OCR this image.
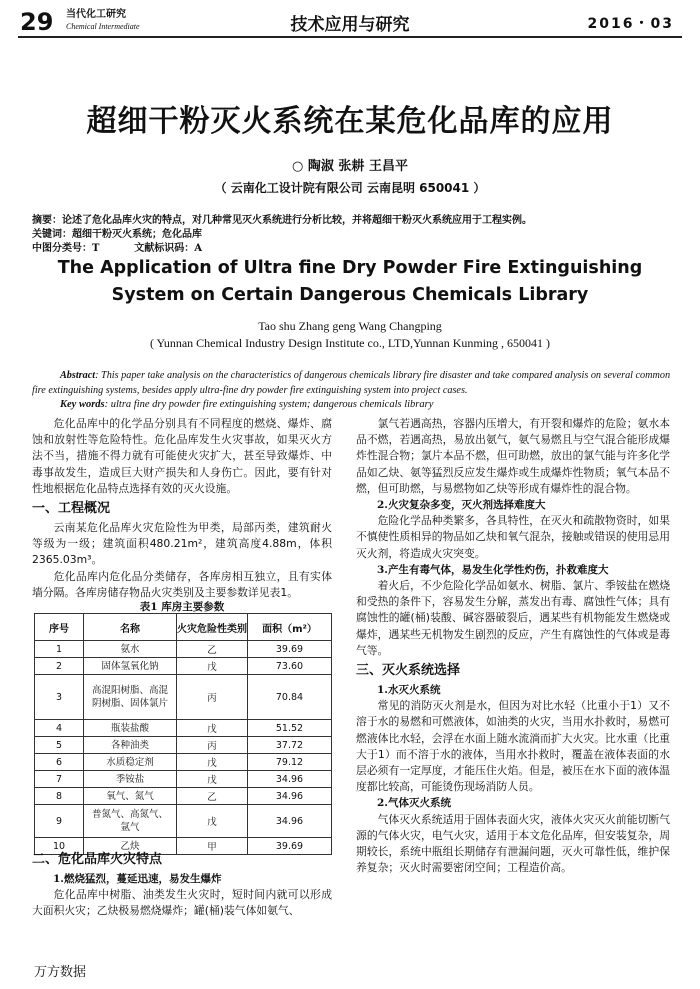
29 当代化工研究
Chemical Intermediate	技术应用与研究	2016・03
超细干粉灭火系统在某危化品库的应用
○ 陶淑 张耕 王昌平
（ 云南化工设计院有限公司 云南昆明 650041 ）
摘要：论述了危化品库火灾的特点，对几种常见灭火系统进行分析比较，并将超细干粉灭火系统应用于工程实例。
关键词：超细干粉灭火系统；危化品库
中图分类号：T          文献标识码：A
The Application of Ultra fine Dry Powder Fire Extinguishing System on Certain Dangerous Chemicals Library
Tao shu Zhang geng Wang Changping
( Yunnan Chemical Industry Design Institute co., LTD,Yunnan Kunming , 650041 )
Abstract: This paper take analysis on the characteristics of dangerous chemicals library fire disaster and take compared analysis on several common fire extinguishing systems, besides apply ultra-fine dry powder fire extinguishing system into project cases.
Key words: ultra fine dry powder fire extinguishing system; dangerous chemicals library

危化品库中的化学品分别具有不同程度的燃烧、爆炸、腐蚀和放射性等危险特性。危化品库发生火灾事故，如果灭火方法不当，措施不得力就有可能使火灾扩大，甚至导致爆炸、中毒事故发生，造成巨大财产损失和人身伤亡。因此，要有针对性地根据危化品特点选择有效的灭火设施。

一、工程概况

云南某危化品库火灾危险性为甲类，局部丙类，建筑耐火等级为一级；建筑面积480.21m²，建筑高度4.88m，体积2365.03m³。

危化品库内危化品分类储存，各库房相互独立，且有实体墙分隔。各库房储存物品火灾类别及主要参数详见表1。

表1 库房主要参数
序号	名称	火灾危险性类别	面积（m²）
1	氨水	乙	39.69
2	固体氢氧化钠	戊	73.60
3	高混阳树脂、高混阴树脂、固体氯片	丙	70.84
4	瓶装盐酸	戊	51.52
5	各种油类	丙	37.72
6	水质稳定剂	戊	79.12
7	季铵盐	戊	34.96
8	氧气、氮气	乙	34.96
9	普氮气、高氮气、氩气	戊	34.96
10	乙炔	甲	39.69
二、危化品库火灾特点
1.燃烧猛烈，蔓延迅速，易发生爆炸

危化品库中树脂、油类发生火灾时，短时间内就可以形成大面积火灾；乙炔极易燃烧爆炸；罐(桶)装气体如氨气、

氯气若遇高热，容器内压增大，有开裂和爆炸的危险；氨水本品不燃，若遇高热，易放出氨气，氨气易燃且与空气混合能形成爆炸性混合物；氯片本品不燃，但可助燃，放出的氯气能与许多化学品如乙炔、氨等猛烈反应发生爆炸或生成爆炸性物质；氧气本品不燃，但可助燃，与易燃物如乙炔等形成有爆炸性的混合物。

2.火灾复杂多变，灭火剂选择难度大

危险化学品种类繁多，各具特性，在灭火和疏散物资时，如果不慎使性质相异的物品如乙炔和氧气混杂，接触或错误的使用忌用灭火剂，将造成火灾突变。

3.产生有毒气体，易发生化学性灼伤，扑救难度大

着火后，不少危险化学品如氨水、树脂、氯片、季铵盐在燃烧和受热的条件下，容易发生分解，蒸发出有毒、腐蚀性气体；具有腐蚀性的罐(桶)装酸、碱容器破裂后，遇某些有机物能发生燃烧或爆炸，遇某些无机物发生剧烈的反应，产生有腐蚀性的气体或是毒气等。

三、灭火系统选择
1.水灭火系统

常见的消防灭火剂是水，但因为对比水轻（比重小于1）又不溶于水的易燃和可燃液体，如油类的火灾，当用水扑救时，易燃可燃液体比水轻，会浮在水面上随水流淌而扩大火灾。比水重（比重大于1）而不溶于水的液体，当用水扑救时，覆盖在液体表面的水层必须有一定厚度，才能压住火焰。但是，被压在水下面的液体温度都比较高，可能烫伤现场消防人员。

2.气体灭火系统

气体灭火系统适用于固体表面火灾，液体火灾灭火前能切断气源的气体火灾，电气火灾，适用于本文危化品库，但安装复杂，周期较长，系统中瓶组长期储存有泄漏问题，灭火可靠性低，维护保养复杂；灭火时需要密闭空间；工程造价高。

万方数据
